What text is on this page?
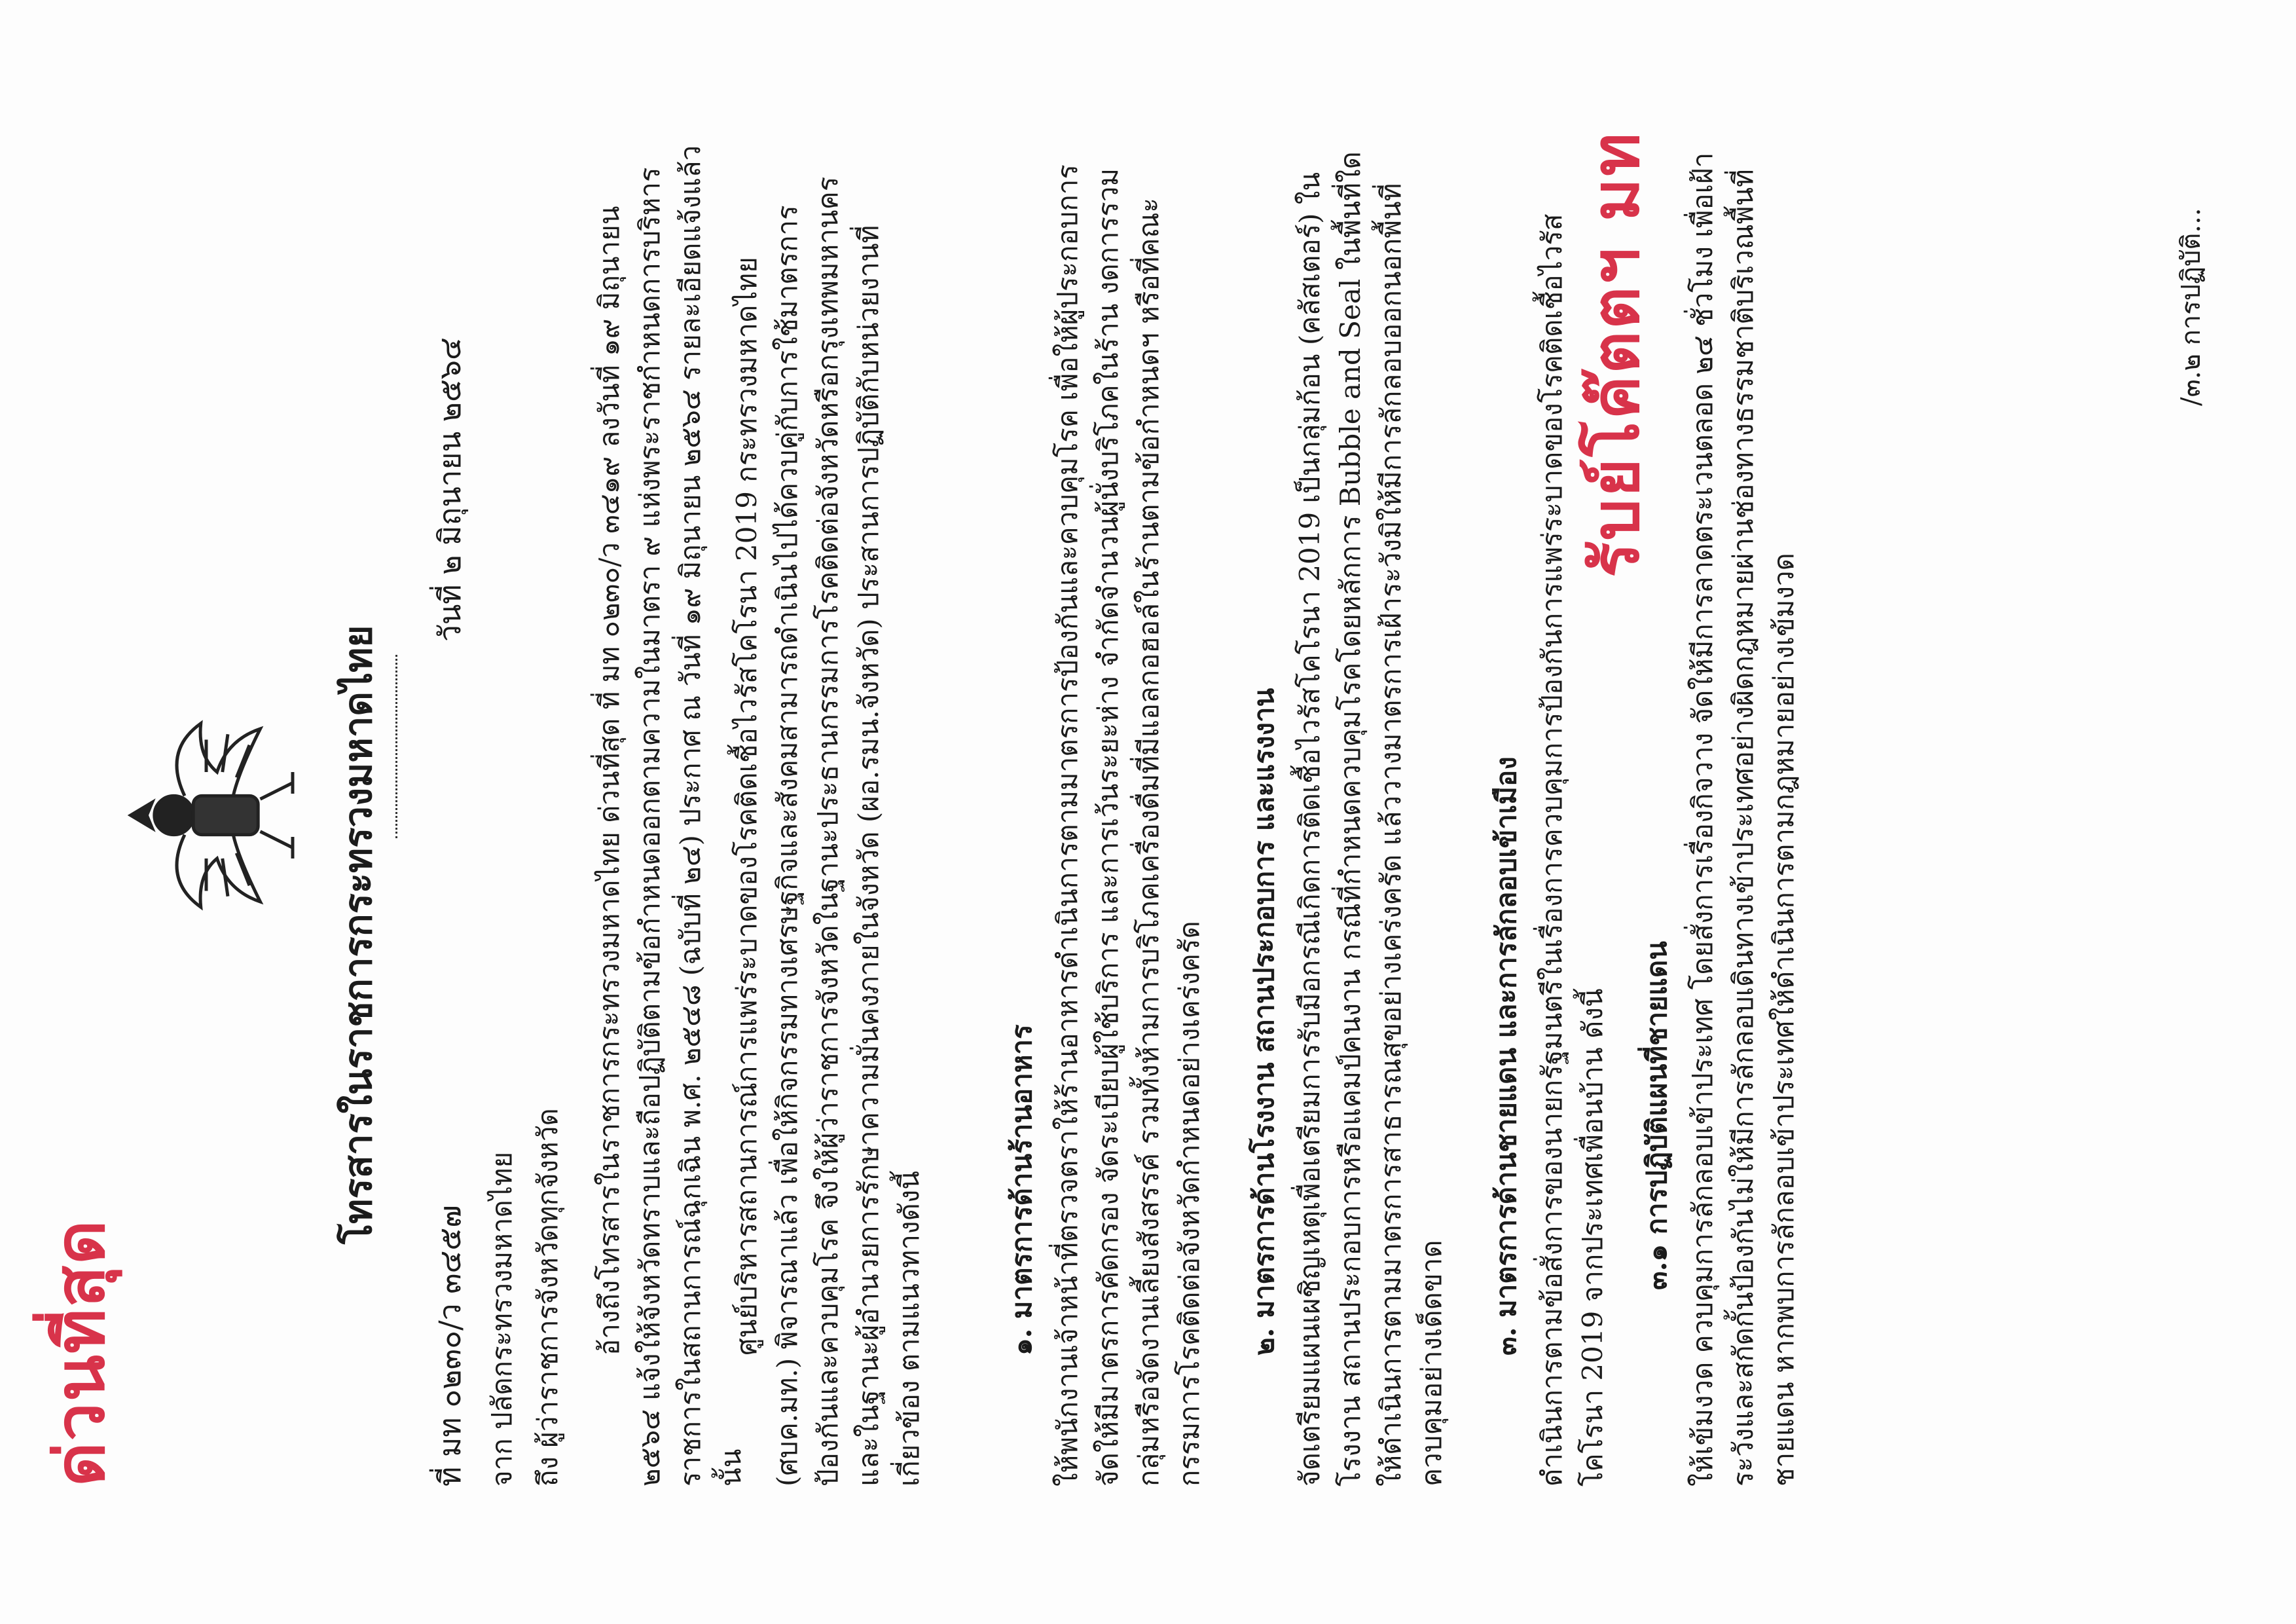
ด่วนที่สุด
โทรสารในราชการกระทรวงมหาดไทย
ที่ มท ๐๒๓๐/ว ๓๔๕๗
วันที่ ๒ มิถุนายน ๒๕๖๔
จาก ปลัดกระทรวงมหาดไทย ถึง ผู้ว่าราชการจังหวัดทุกจังหวัด อ้างถึงโทรสารในราชการกระทรวงมหาดไทย ด่วนที่สุด ที่ มท ๐๒๓๐/ว ๓๔๑๙ ลงวันที่ ๑๙ มิถุนายน ๒๕๖๔ แจ้งให้จังหวัดทราบและถือปฏิบัติตามข้อกำหนดออกตามความในมาตรา ๙ แห่งพระราชกำหนดการบริหารราชการในสถานการณ์ฉุกเฉิน พ.ศ. ๒๕๔๘ (ฉบับที่ ๒๔) ประกาศ ณ วันที่ ๑๙ มิถุนายน ๒๕๖๔ รายละเอียดแจ้งแล้ว นั้น
ศูนย์บริหารสถานการณ์การแพร่ระบาดของโรคติดเชื้อไวรัสโคโรนา 2019 กระทรวงมหาดไทย (ศบค.มท.) พิจารณาแล้ว เพื่อให้กิจกรรมทางเศรษฐกิจและสังคมสามารถดำเนินไปได้ควบคู่กับการใช้มาตรการป้องกันและควบคุมโรค จึงให้ผู้ว่าราชการจังหวัดในฐานะประธานกรรมการโรคติดต่อจังหวัดหรือกรุงเทพมหานคร และในฐานะผู้อำนวยการรักษาความมั่นคงภายในจังหวัด (ผอ.รมน.จังหวัด) ประสานการปฏิบัติกับหน่วยงานที่เกี่ยวข้อง ตามแนวทางดังนี้	๑. มาตรการด้านร้านอาหาร ให้พนักงานเจ้าหน้าที่ตรวจตราให้ร้านอาหารดำเนินการตามมาตรการป้องกันและควบคุมโรค เพื่อให้ผู้ประกอบการจัดให้มีมาตรการคัดกรอง จัดระเบียบผู้ใช้บริการ และการเว้นระยะห่าง จำกัดจำนวนผู้นั่งบริโภคในร้าน งดการรวมกลุ่มหรือจัดงานเลี้ยงสังสรรค์ รวมทั้งห้ามการบริโภคเครื่องดื่มที่มีแอลกอฮอล์ในร้านตามข้อกำหนดฯ หรือที่คณะกรรมการโรคติดต่อจังหวัดกำหนดอย่างเคร่งครัด ๒. มาตรการด้านโรงงาน สถานประกอบการ และแรงงาน จัดเตรียมแผนเผชิญเหตุเพื่อเตรียมการรับมือกรณีเกิดการติดเชื้อไวรัสโคโรนา 2019 เป็นกลุ่มก้อน (คลัสเตอร์) ในโรงงาน สถานประกอบการหรือแคมป์คนงาน กรณีที่กำหนดควบคุมโรคโดยหลักการ Bubble and Seal ในพื้นที่ใดให้ดำเนินการตามมาตรการสาธารณสุขอย่างเคร่งครัด แล้ววางมาตรการเฝ้าระวังมิให้มีการลักลอบออกนอกพื้นที่ควบคุมอย่างเด็ดขาด
๓. มาตรการด้านชายแดน และการลักลอบเข้าเมือง ดำเนินการตามข้อสั่งการของนายกรัฐมนตรีในเรื่องการควบคุมการป้องกันการแพร่ระบาดของโรคติดเชื้อไวรัสโคโรนา 2019 จากประเทศเพื่อนบ้าน ดังนี้ ๓.๑ การปฏิบัติแผนที่ชายแดน ให้เข้มงวด ควบคุมการลักลอบเข้าประเทศ โดยสั่งการเรื่องกิจวาง จัดให้มีการลาดตระเวนตลอด ๒๔ ชั่วโมง เพื่อเฝ้าระวังและสกัดกั้นป้องกันไม่ให้มีการลักลอบเดินทางเข้าประเทศอย่างผิดกฎหมายผ่านช่องทางธรรมชาติบริเวณพื้นที่ชายแดน หากพบการลักลอบเข้าประเทศให้ดำเนินการตามกฎหมายอย่างเข้มงวด
/๓.๒ การปฏิบัติ...
รับย์โค๊ตตฯ มท
